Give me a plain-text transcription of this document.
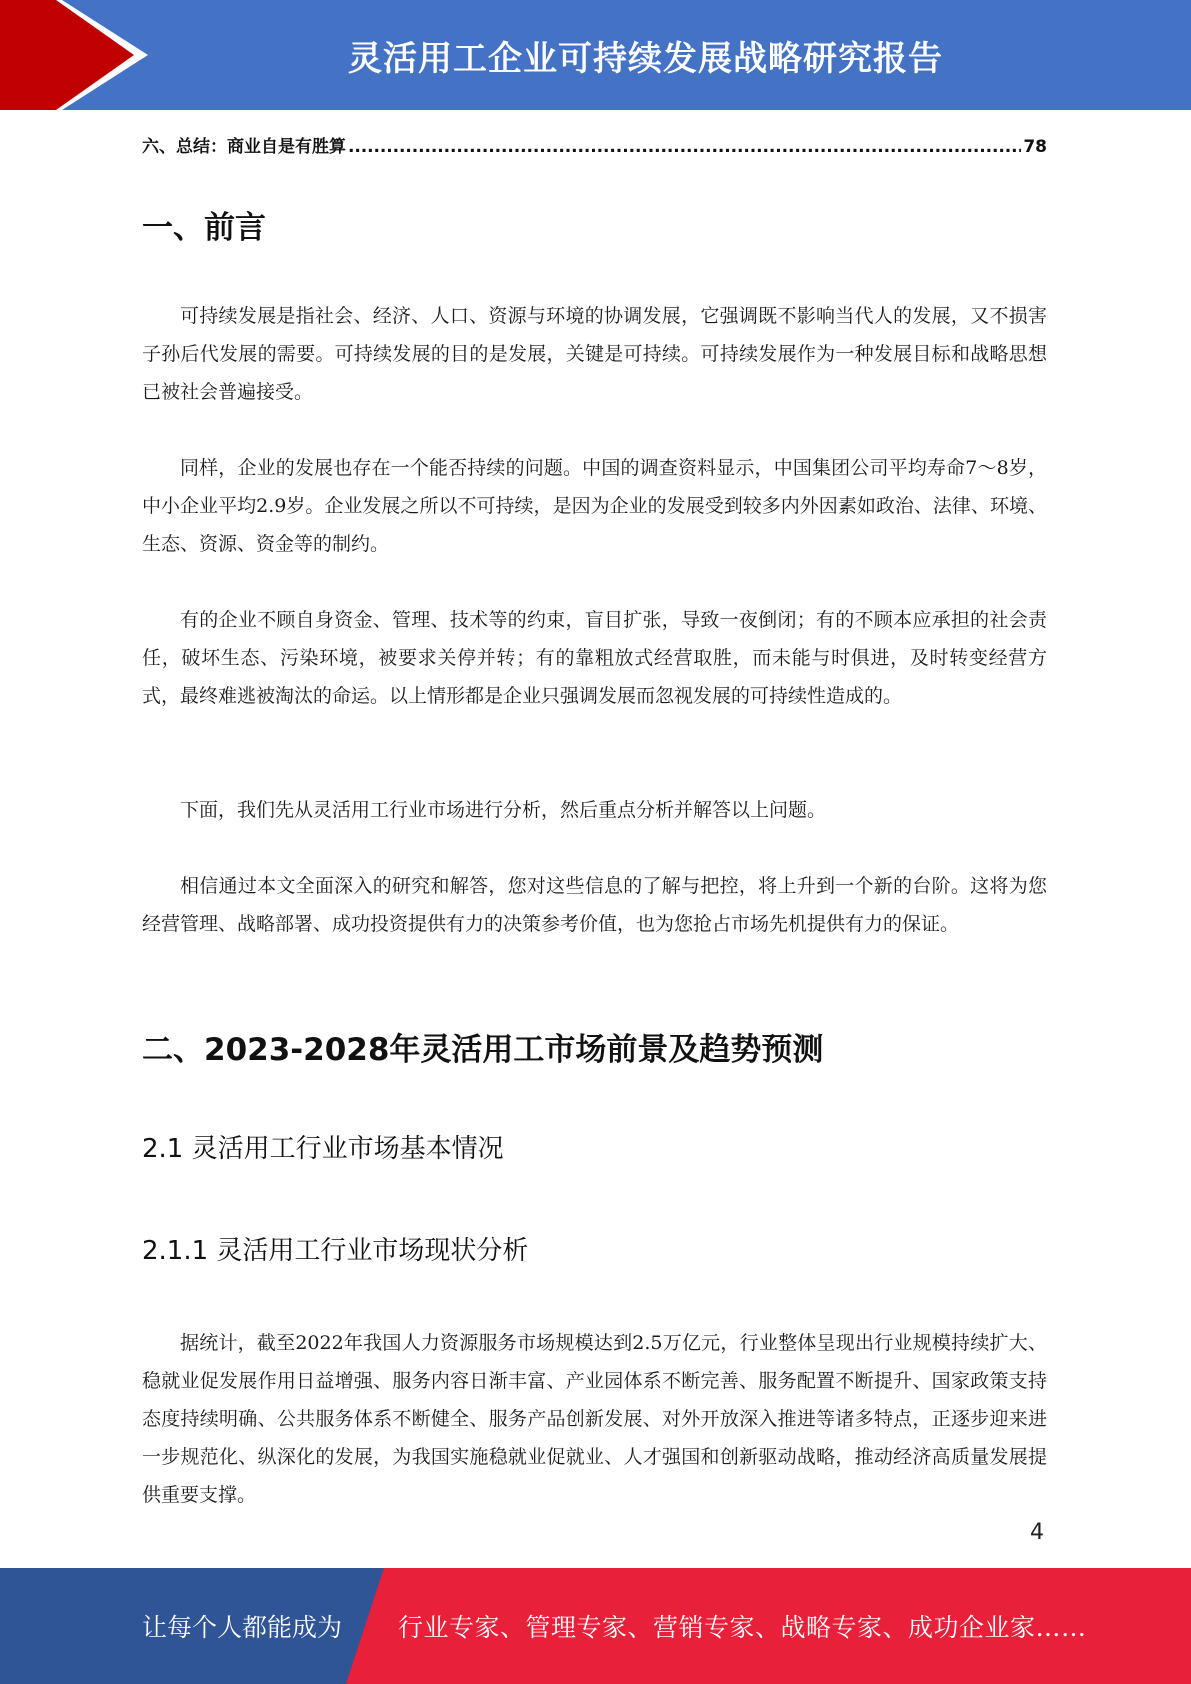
灵活用工企业可持续发展战略研究报告
六、总结：商业自是有胜算
. . .	78
一、前言

可持续发展是指社会、经济、人口、资源与环境的协调发展，它强调既不影响当代人的发展，又不损害子孙后代发展的需要。可持续发展的目的是发展，关键是可持续。可持续发展作为一种发展目标和战略思想已被社会普遍接受。

同样，企业的发展也存在一个能否持续的问题。中国的调查资料显示，中国集团公司平均寿命7～8岁，中小企业平均2.9岁。企业发展之所以不可持续，是因为企业的发展受到较多内外因素如政治、法律、环境、生态、资源、资金等的制约。

有的企业不顾自身资金、管理、技术等的约束，盲目扩张，导致一夜倒闭；有的不顾本应承担的社会责任，破坏生态、污染环境，被要求关停并转；有的靠粗放式经营取胜，而未能与时俱进，及时转变经营方式，最终难逃被淘汰的命运。以上情形都是企业只强调发展而忽视发展的可持续性造成的。

下面，我们先从灵活用工行业市场进行分析，然后重点分析并解答以上问题。

相信通过本文全面深入的研究和解答，您对这些信息的了解与把控，将上升到一个新的台阶。这将为您经营管理、战略部署、成功投资提供有力的决策参考价值，也为您抢占市场先机提供有力的保证。

二、2023-2028年灵活用工市场前景及趋势预测
2.1 灵活用工行业市场基本情况
2.1.1 灵活用工行业市场现状分析

据统计，截至2022年我国人力资源服务市场规模达到2.5万亿元，行业整体呈现出行业规模持续扩大、稳就业促发展作用日益增强、服务内容日渐丰富、产业园体系不断完善、服务配置不断提升、国家政策支持态度持续明确、公共服务体系不断健全、服务产品创新发展、对外开放深入推进等诸多特点，正逐步迎来进一步规范化、纵深化的发展，为我国实施稳就业促就业、人才强国和创新驱动战略，推动经济高质量发展提供重要支撑。

4
让每个人都能成为 行业专家、管理专家、营销专家、战略专家、成功企业家……
